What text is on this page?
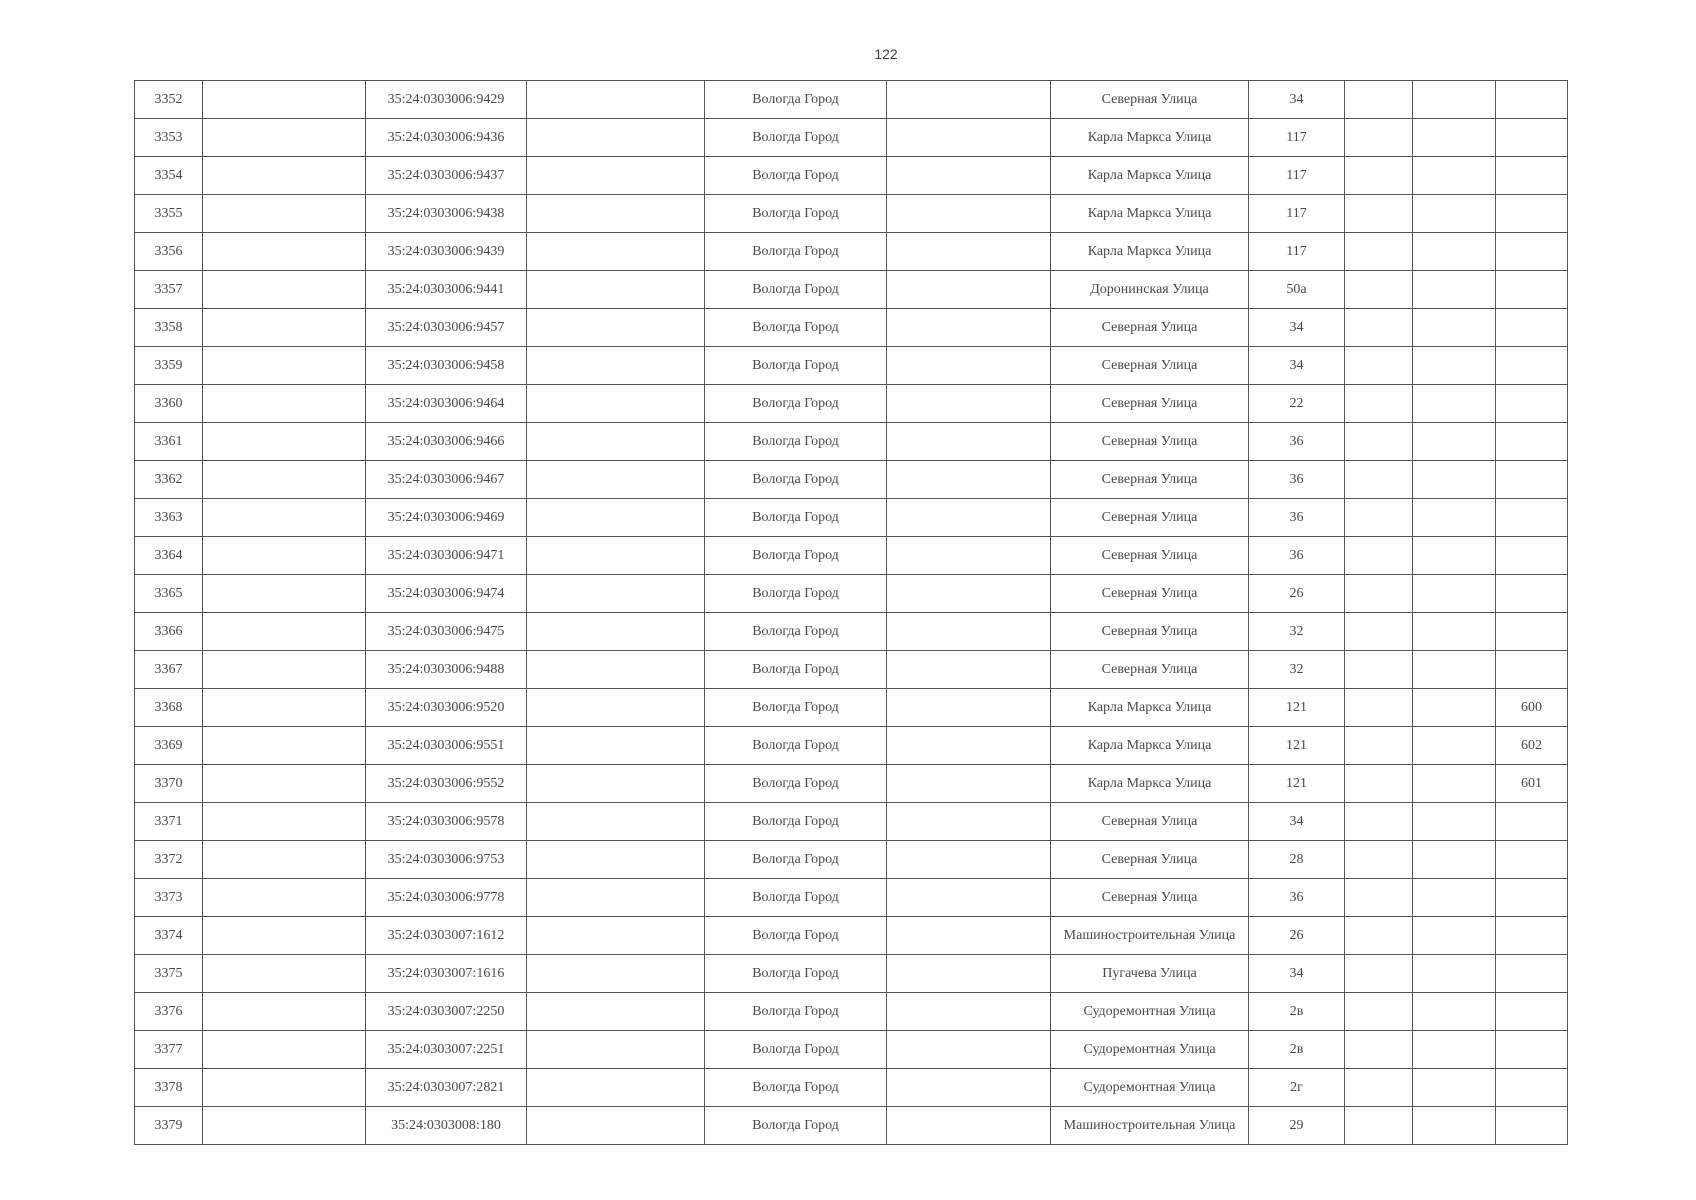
122
3352		35:24:0303006:9429		Вологда Город		Северная Улица	34			
3353		35:24:0303006:9436		Вологда Город		Карла Маркса Улица	117			
3354		35:24:0303006:9437		Вологда Город		Карла Маркса Улица	117			
3355		35:24:0303006:9438		Вологда Город		Карла Маркса Улица	117			
3356		35:24:0303006:9439		Вологда Город		Карла Маркса Улица	117			
3357		35:24:0303006:9441		Вологда Город		Доронинская Улица	50а			
3358		35:24:0303006:9457		Вологда Город		Северная Улица	34			
3359		35:24:0303006:9458		Вологда Город		Северная Улица	34			
3360		35:24:0303006:9464		Вологда Город		Северная Улица	22			
3361		35:24:0303006:9466		Вологда Город		Северная Улица	36			
3362		35:24:0303006:9467		Вологда Город		Северная Улица	36			
3363		35:24:0303006:9469		Вологда Город		Северная Улица	36			
3364		35:24:0303006:9471		Вологда Город		Северная Улица	36			
3365		35:24:0303006:9474		Вологда Город		Северная Улица	26			
3366		35:24:0303006:9475		Вологда Город		Северная Улица	32			
3367		35:24:0303006:9488		Вологда Город		Северная Улица	32			
3368		35:24:0303006:9520		Вологда Город		Карла Маркса Улица	121			600
3369		35:24:0303006:9551		Вологда Город		Карла Маркса Улица	121			602
3370		35:24:0303006:9552		Вологда Город		Карла Маркса Улица	121			601
3371		35:24:0303006:9578		Вологда Город		Северная Улица	34			
3372		35:24:0303006:9753		Вологда Город		Северная Улица	28			
3373		35:24:0303006:9778		Вологда Город		Северная Улица	36			
3374		35:24:0303007:1612		Вологда Город		Машиностроительная Улица	26			
3375		35:24:0303007:1616		Вологда Город		Пугачева Улица	34			
3376		35:24:0303007:2250		Вологда Город		Судоремонтная Улица	2в			
3377		35:24:0303007:2251		Вологда Город		Судоремонтная Улица	2в			
3378		35:24:0303007:2821		Вологда Город		Судоремонтная Улица	2г			
3379		35:24:0303008:180		Вологда Город		Машиностроительная Улица	29			
